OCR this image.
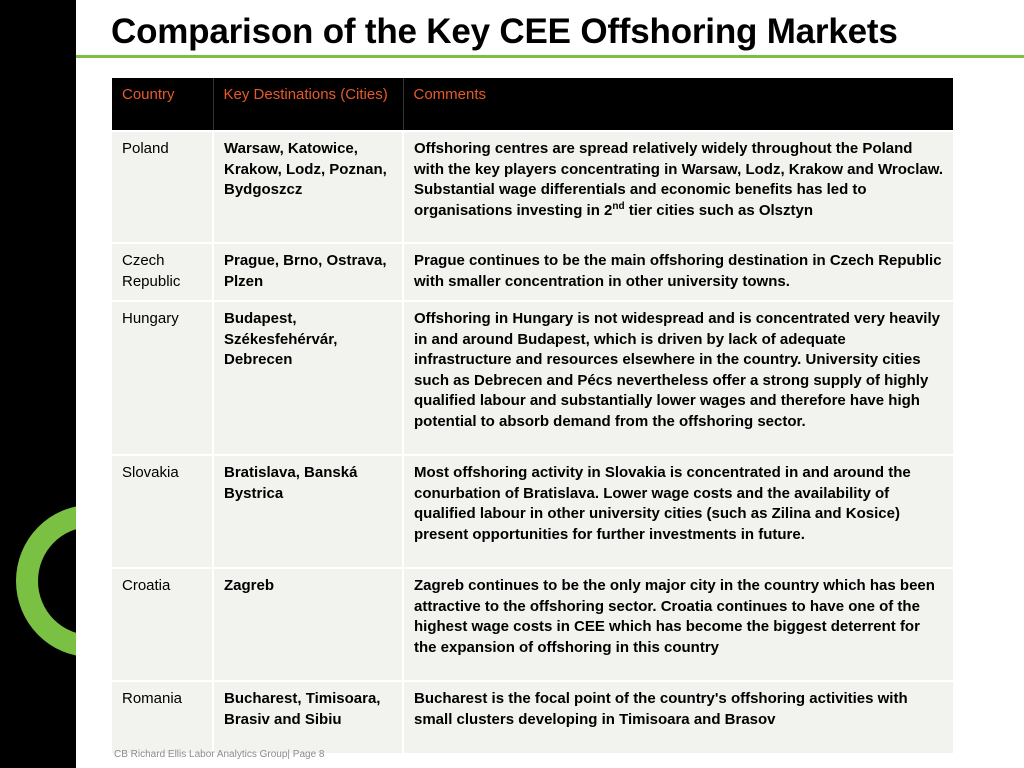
Comparison of the Key CEE Offshoring Markets
Country	Key Destinations (Cities)	Comments
Poland	Warsaw, Katowice, Krakow, Lodz, Poznan, Bydgoszcz	Offshoring centres are spread relatively widely throughout the Poland with the key players concentrating in Warsaw, Lodz, Krakow and Wroclaw. Substantial wage differentials and economic benefits has led to organisations investing in 2nd tier cities such as Olsztyn
Czech Republic	Prague, Brno, Ostrava, Plzen	Prague continues to be the main offshoring destination in Czech Republic with smaller concentration in other university towns.
Hungary	Budapest, Székesfehérvár, Debrecen	Offshoring in Hungary is not widespread and is concentrated very heavily in and around Budapest, which is driven by lack of adequate infrastructure and resources elsewhere in the country. University cities such as Debrecen and Pécs nevertheless offer a strong supply of highly qualified labour and substantially lower wages and therefore have high potential to absorb demand from the offshoring sector.
Slovakia	Bratislava, Banská Bystrica	Most offshoring activity in Slovakia is concentrated in and around the conurbation of Bratislava. Lower wage costs and the availability of qualified labour in other university cities (such as Zilina and Kosice) present opportunities for further investments in future.
Croatia	Zagreb	Zagreb continues to be the only major city in the country which has been attractive to the offshoring sector. Croatia continues to have one of the highest wage costs in CEE which has become the biggest deterrent for the expansion of offshoring in this country
Romania	Bucharest, Timisoara, Brasiv and Sibiu	Bucharest is the focal point of the country's offshoring activities with small clusters developing in Timisoara and Brasov
CB Richard Ellis Labor Analytics Group| Page 8
